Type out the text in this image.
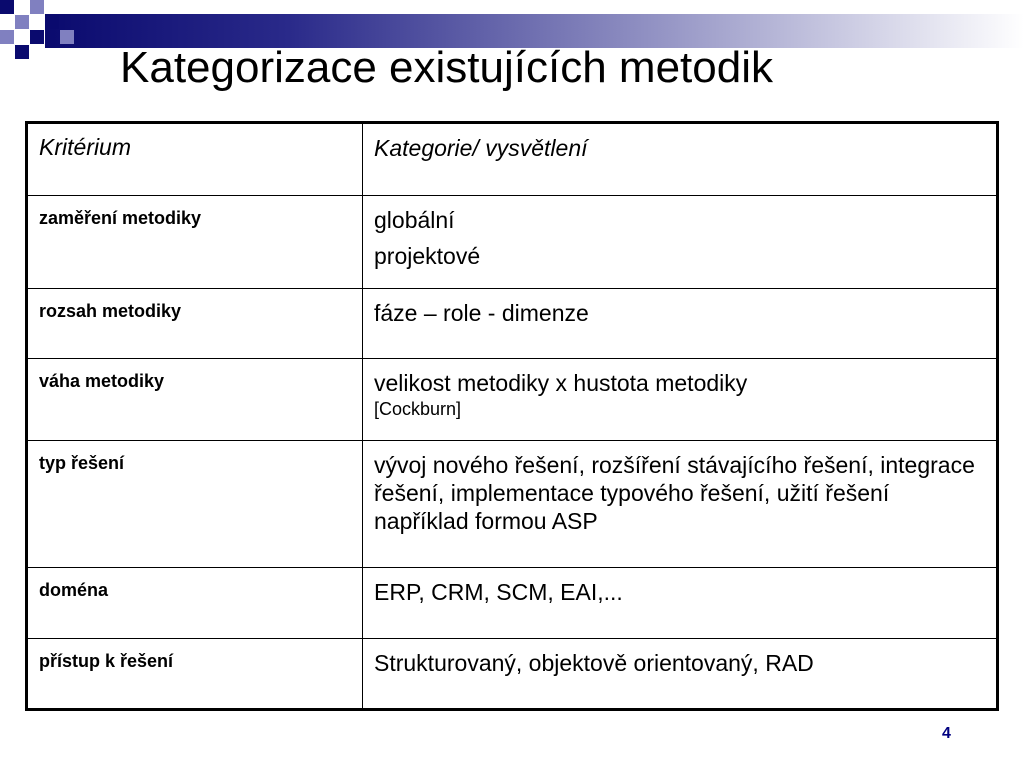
Kategorizace existujících metodik
Kritérium	Kategorie/ vysvětlení
zaměření metodiky	globální
projektové

rozsah metodiky	fáze – role - dimenze

váha metodiky	velikost metodiky x hustota metodiky
[Cockburn]

typ řešení	vývoj nového řešení, rozšíření stávajícího řešení, integrace řešení, implementace typového řešení, užití řešení například formou ASP

doména	ERP, CRM, SCM, EAI,...

přístup k řešení	Strukturovaný, objektově orientovaný, RAD
4
